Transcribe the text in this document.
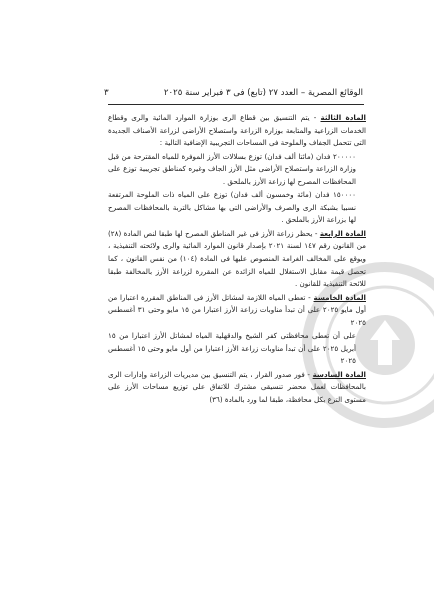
الوقائع المصرية – العدد ٢٧ (تابع) فى ٣ فبراير سنة ٢٠٢٥
٣

المادة الثالثة - يتم التنسيق بين قطاع الرى بوزارة الموارد المائية والرى وقطاع الخدمات الزراعية والمتابعة بوزارة الزراعة واستصلاح الأراضى لزراعة الأصناف الجديدة التى تتحمل الجفاف والملوحة فى المساحات التجريبية الإضافية التالية :

٢٠٠٠٠٠ فدان (مائتا ألف فدان) توزع بسلالات الأرز الموفرة للمياه المقترحة من قبل وزارة الزراعة واستصلاح الأراضى مثل الأرز الجاف وغيره كمناطق تجريبية توزع على المحافظات المصرح لها زراعة الأرز بالملحق .

١٥٠٠٠٠ فدان (مائة وخمسون ألف فدان) توزع على المياه ذات الملوحة المرتفعة نسبيا بشبكة الرى والصرف والأراضى التى بها مشاكل بالتربة بالمحافظات المصرح لها بزراعة الأرز بالملحق .

المادة الرابعة - يحظر زراعة الأرز فى غير المناطق المصرح لها طبقا لنص المادة (٢٨) من القانون رقم ١٤٧ لسنة ٢٠٢١ بإصدار قانون الموارد المائية والرى ولائحته التنفيذية ، ويوقع على المخالف الغرامة المنصوص عليها فى المادة (١٠٤) من نفس القانون ، كما تحصل قيمة مقابل الاستغلال للمياه الزائدة عن المقررة لزراعة الأرز بالمخالفة طبقا للائحة التنفيذية للقانون .

المادة الخامسة - تعطى المياه اللازمة لمشاتل الأرز فى المناطق المقررة اعتبارا من أول مايو ٢٠٢٥ على أن تبدأ مناوبات زراعة الأرز اعتبارا من ١٥ مايو وحتى ٣١ أغسطس ٢٠٢٥

على أن تعطى محافظتى كفر الشيخ والدقهلية المياه لمشاتل الأرز اعتبارا من ١٥ أبريل ٢٠٢٥ على أن تبدأ مناوبات زراعة الأرز اعتبارا من أول مايو وحتى ١٥ أغسطس ٢٠٢٥

المادة السادسة - فور صدور القرار ، يتم التنسيق بين مديريات الزراعة وإدارات الرى بالمحافظات لعمل محضر تنسيقى مشترك للاتفاق على توزيع مساحات الأرز على مستوى الترع بكل محافظة، طبقا لما ورد بالمادة (٣٦)
